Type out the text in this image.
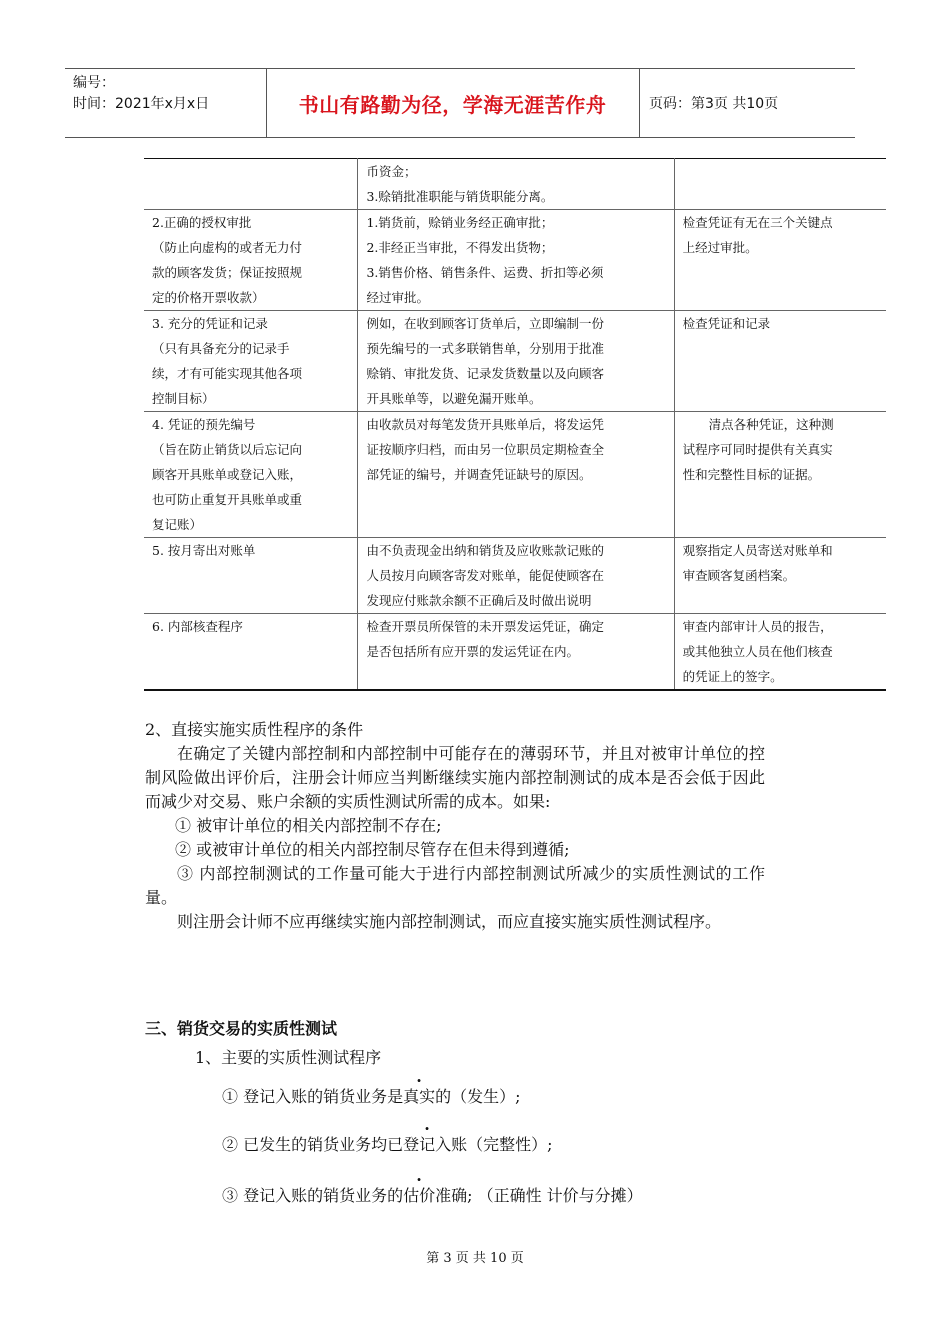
编号：
时间：2021年x月x日	书山有路勤为径，学海无涯苦作舟	页码：第3页 共10页

	币资金；
3.赊销批准职能与销货职能分离。	

2.正确的授权审批
（防止向虚构的或者无力付
款的顾客发货；保证按照规
定的价格开票收款）	1.销货前，赊销业务经正确审批；
2.非经正当审批，不得发出货物；
3.销售价格、销售条件、运费、折扣等必须
经过审批。	检查凭证有无在三个关键点
上经过审批。

3. 充分的凭证和记录
（只有具备充分的记录手
续，才有可能实现其他各项
控制目标）	例如，在收到顾客订货单后，立即编制一份
预先编号的一式多联销售单，分别用于批准
赊销、审批发货、记录发货数量以及向顾客
开具账单等，以避免漏开账单。	检查凭证和记录

4. 凭证的预先编号
（旨在防止销货以后忘记向
顾客开具账单或登记入账，
也可防止重复开具账单或重
复记账）	由收款员对每笔发货开具账单后，将发运凭
证按顺序归档，而由另一位职员定期检查全
部凭证的编号，并调查凭证缺号的原因。	清点各种凭证，这种测
试程序可同时提供有关真实
性和完整性目标的证据。

5. 按月寄出对账单	由不负责现金出纳和销货及应收账款记账的
人员按月向顾客寄发对账单，能促使顾客在
发现应付账款余额不正确后及时做出说明	观察指定人员寄送对账单和
审查顾客复函档案。

6. 内部核查程序	检查开票员所保管的未开票发运凭证，确定
是否包括所有应开票的发运凭证在内。	审查内部审计人员的报告，
或其他独立人员在他们核查
的凭证上的签字。
2、直接实施实质性程序的条件
在确定了关键内部控制和内部控制中可能存在的薄弱环节，并且对被审计单位的控制风险做出评价后，注册会计师应当判断继续实施内部控制测试的成本是否会低于因此而减少对交易、账户余额的实质性测试所需的成本。如果:
① 被审计单位的相关内部控制不存在;
② 或被审计单位的相关内部控制尽管存在但未得到遵循;
③ 内部控制测试的工作量可能大于进行内部控制测试所减少的实质性测试的工作量。
则注册会计师不应再继续实施内部控制测试，而应直接实施实质性测试程序。
三、销货交易的实质性测试
1、主要的实质性测试程序
① 登记入账的销货业务是真实的（发生）;
② 已发生的销货业务均· 已登记入账（完整性）;
③ 登记入账的销货业务的估价准确; （正确性 计价与分摊）
第 3 页 共 10 页
